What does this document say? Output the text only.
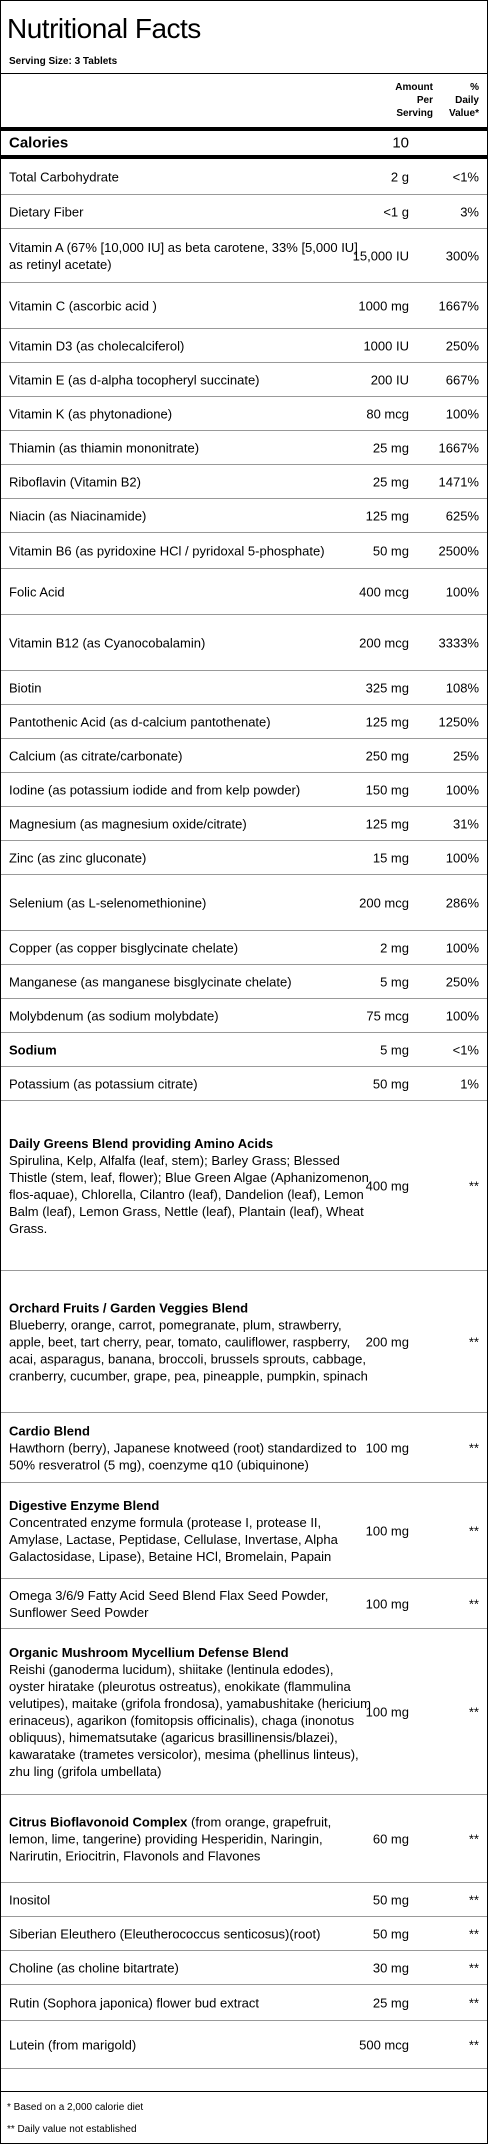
Nutritional Facts
Serving Size: 3 Tablets
Amount
Per
Serving
%
Daily
Value*
Calories	10
Total Carbohydrate	2 g	<1%
Dietary Fiber	<1 g	3%
Vitamin A (67% [10,000 IU] as beta carotene, 33% [5,000 IU] as retinyl acetate)
15,000 IU	300%
Vitamin C (ascorbic acid )	1000 mg	1667%
Vitamin D3 (as cholecalciferol)	1000 IU	250%
Vitamin E (as d-alpha tocopheryl succinate)	200 IU	667%
Vitamin K (as phytonadione)	80 mcg	100%
Thiamin (as thiamin mononitrate)	25 mg	1667%
Riboflavin (Vitamin B2)	25 mg	1471%
Niacin (as Niacinamide)	125 mg	625%
Vitamin B6 (as pyridoxine HCl / pyridoxal 5-phosphate)	50 mg	2500%
Folic Acid	400 mcg	100%
Vitamin B12 (as Cyanocobalamin)	200 mcg	3333%
Biotin	325 mg	108%
Pantothenic Acid (as d-calcium pantothenate)	125 mg	1250%
Calcium (as citrate/carbonate)	250 mg	25%
Iodine (as potassium iodide and from kelp powder)	150 mg	100%
Magnesium (as magnesium oxide/citrate)	125 mg	31%
Zinc (as zinc gluconate)	15 mg	100%
Selenium (as L-selenomethionine)	200 mcg	286%
Copper (as copper bisglycinate chelate)	2 mg	100%
Manganese (as manganese bisglycinate chelate)	5 mg	250%
Molybdenum (as sodium molybdate)	75 mcg	100%
Sodium	5 mg	<1%
Potassium (as potassium citrate)	50 mg	1%
Daily Greens Blend providing Amino Acids
Spirulina, Kelp, Alfalfa (leaf, stem); Barley Grass; Blessed Thistle (stem, leaf, flower); Blue Green Algae (Aphanizomenon flos-aquae), Chlorella, Cilantro (leaf), Dandelion (leaf), Lemon Balm (leaf), Lemon Grass, Nettle (leaf), Plantain (leaf), Wheat Grass.
400 mg	**
Orchard Fruits / Garden Veggies Blend
Blueberry, orange, carrot, pomegranate, plum, strawberry, apple, beet, tart cherry, pear, tomato, cauliflower, raspberry, acai, asparagus, banana, broccoli, brussels sprouts, cabbage, cranberry, cucumber, grape, pea, pineapple, pumpkin, spinach
200 mg	**
Cardio Blend
Hawthorn (berry), Japanese knotweed (root) standardized to 50% resveratrol (5 mg), coenzyme q10 (ubiquinone)
100 mg	**
Digestive Enzyme Blend
Concentrated enzyme formula (protease I, protease II, Amylase, Lactase, Peptidase, Cellulase, Invertase, Alpha Galactosidase, Lipase), Betaine HCl, Bromelain, Papain
100 mg	**
Omega 3/6/9 Fatty Acid Seed Blend Flax Seed Powder, Sunflower Seed Powder
100 mg	**
Organic Mushroom Mycellium Defense Blend
Reishi (ganoderma lucidum), shiitake (lentinula edodes), oyster hiratake (pleurotus ostreatus), enokikate (flammulina velutipes), maitake (grifola frondosa), yamabushitake (hericium erinaceus), agarikon (fomitopsis officinalis), chaga (inonotus obliquus), himematsutake (agaricus brasillinensis/blazei), kawaratake (trametes versicolor), mesima (phellinus linteus), zhu ling (grifola umbellata)
100 mg	**
Citrus Bioflavonoid Complex (from orange, grapefruit, lemon, lime, tangerine) providing Hesperidin, Naringin, Narirutin, Eriocitrin, Flavonols and Flavones
60 mg	**
Inositol	50 mg	**
Siberian Eleuthero (Eleutherococcus senticosus)(root)	50 mg	**
Choline (as choline bitartrate)	30 mg	**
Rutin (Sophora japonica) flower bud extract	25 mg	**
Lutein (from marigold)	500 mcg	**
* Based on a 2,000 calorie diet
** Daily value not established
